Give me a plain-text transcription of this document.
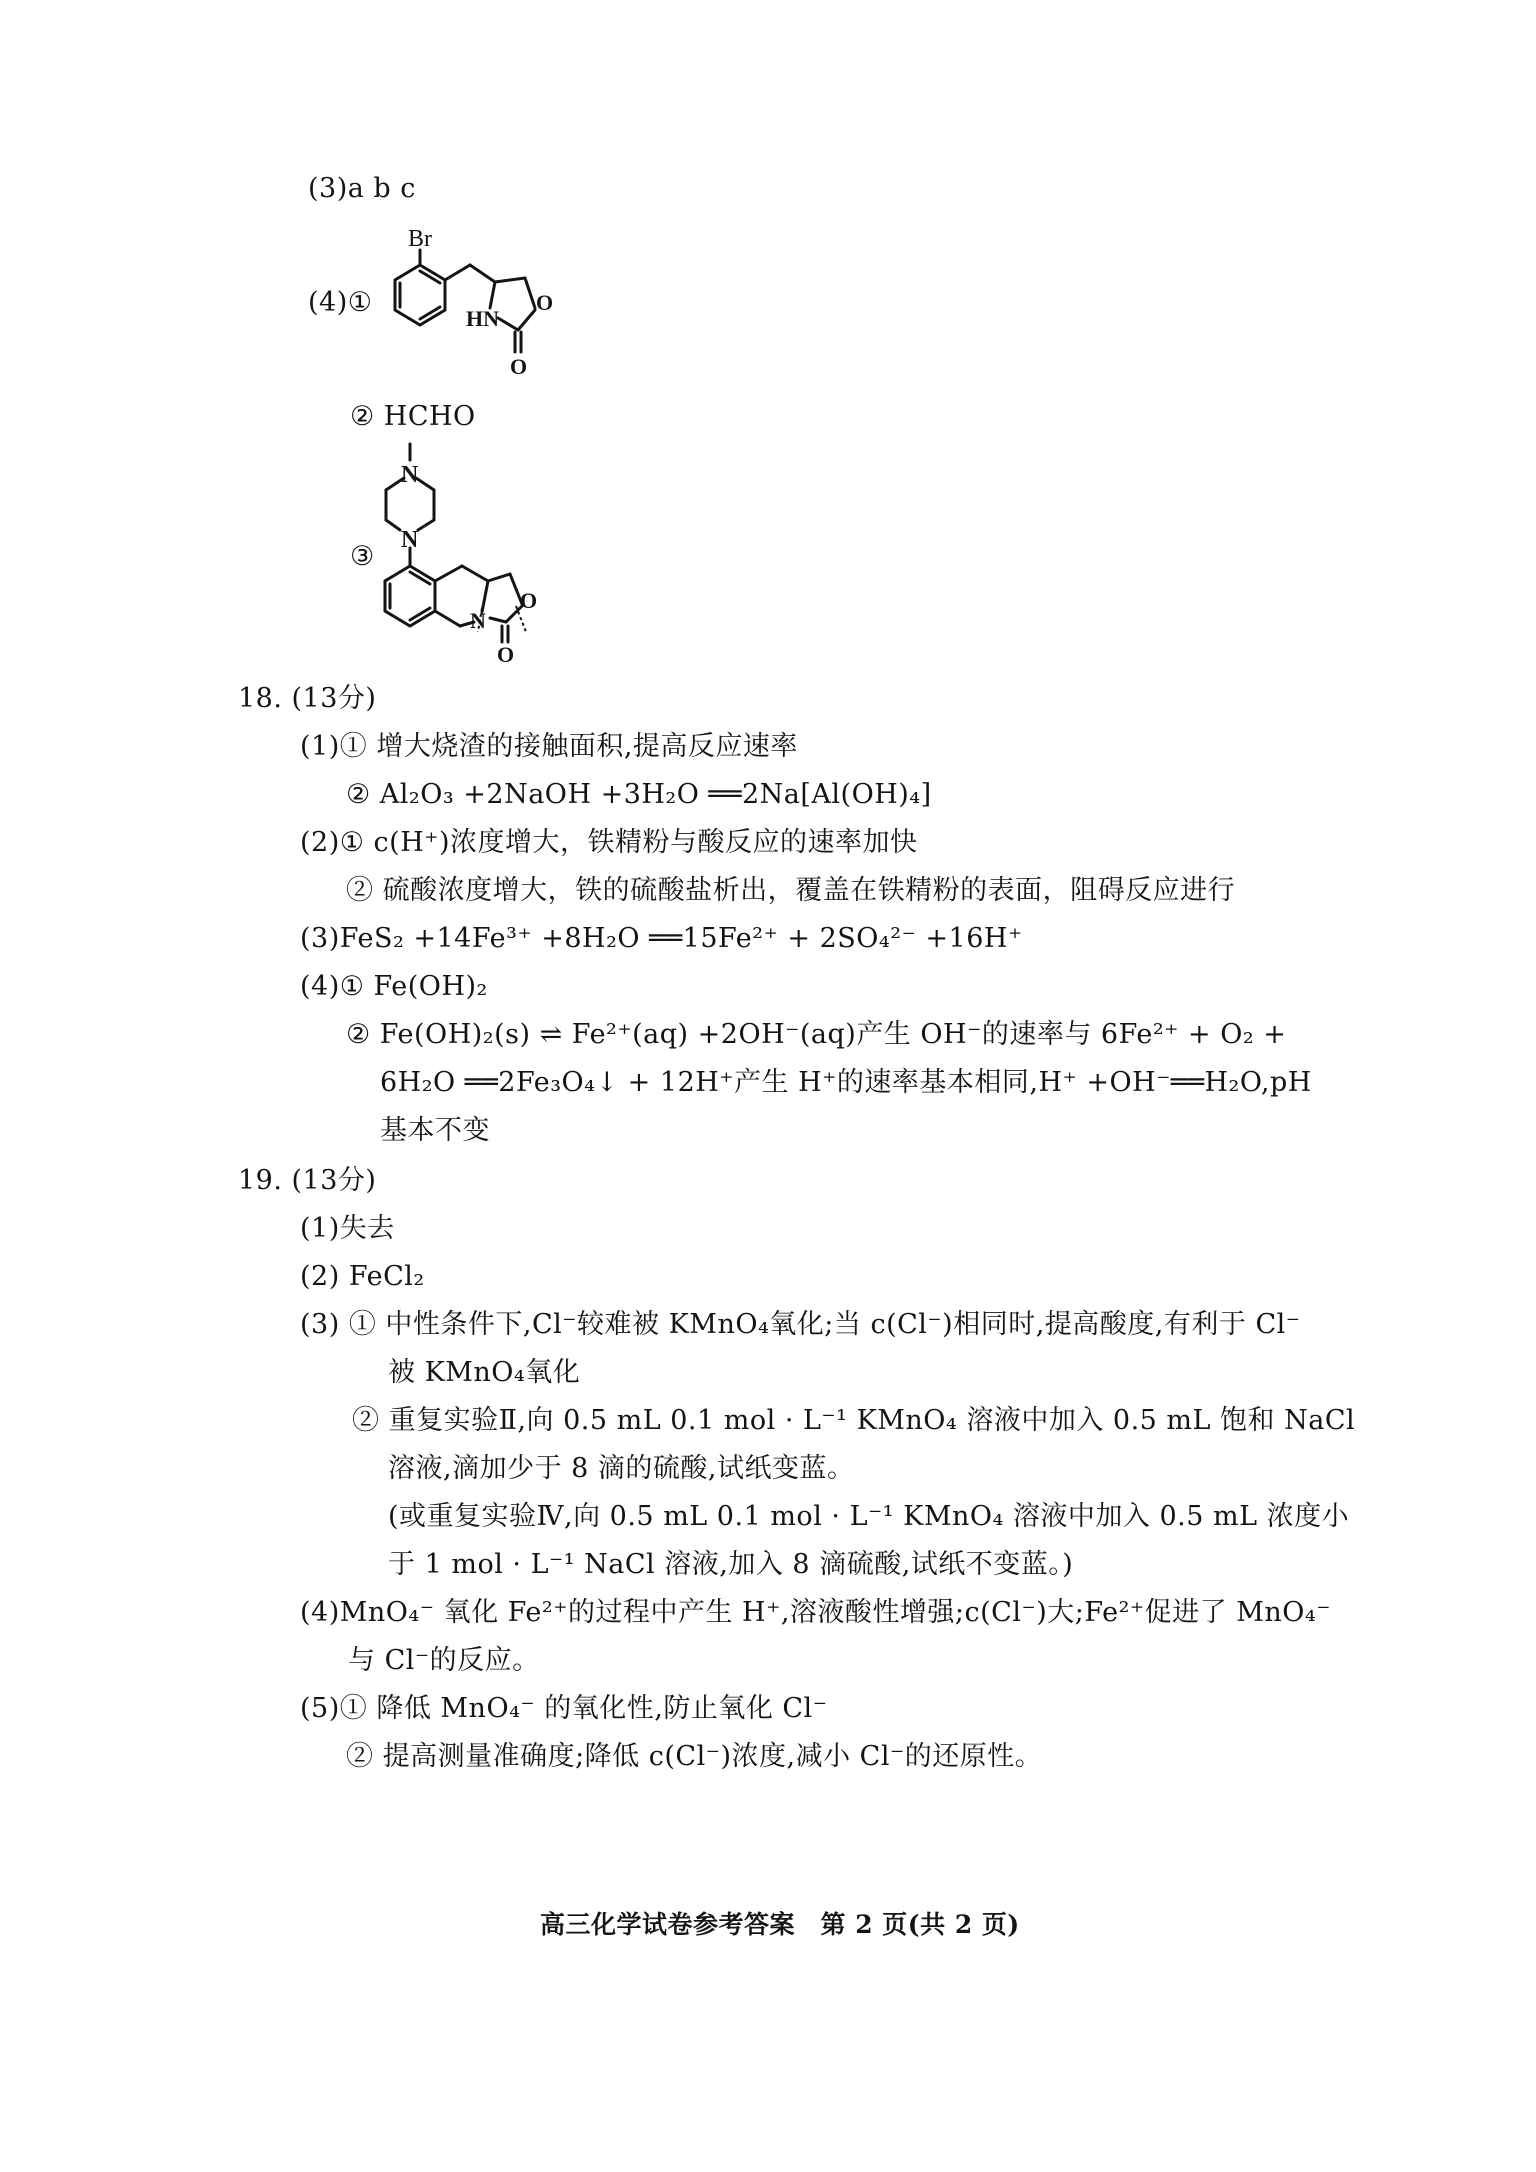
(3)a b c
(4)①
Br
HN
O
O
② HCHO
③
N
N
N
O
O
18. (13分)
(1)① 增大烧渣的接触面积,提高反应速率
② Al₂O₃ +2NaOH +3H₂O ══2Na[Al(OH)₄]
(2)① c(H⁺)浓度增大，铁精粉与酸反应的速率加快
② 硫酸浓度增大，铁的硫酸盐析出，覆盖在铁精粉的表面，阻碍反应进行
(3)FeS₂ +14Fe³⁺ +8H₂O ══15Fe²⁺ + 2SO₄²⁻ +16H⁺
(4)① Fe(OH)₂
② Fe(OH)₂(s) ⇌ Fe²⁺(aq) +2OH⁻(aq)产生 OH⁻的速率与 6Fe²⁺ + O₂ +
6H₂O ══2Fe₃O₄↓ + 12H⁺产生 H⁺的速率基本相同,H⁺ +OH⁻══H₂O,pH
基本不变
19. (13分)
(1)失去
(2) FeCl₂
(3) ① 中性条件下,Cl⁻较难被 KMnO₄氧化;当 c(Cl⁻)相同时,提高酸度,有利于 Cl⁻
被 KMnO₄氧化
② 重复实验Ⅱ,向 0.5 mL 0.1 mol · L⁻¹ KMnO₄ 溶液中加入 0.5 mL 饱和 NaCl
溶液,滴加少于 8 滴的硫酸,试纸变蓝。
(或重复实验Ⅳ,向 0.5 mL 0.1 mol · L⁻¹ KMnO₄ 溶液中加入 0.5 mL 浓度小
于 1 mol · L⁻¹ NaCl 溶液,加入 8 滴硫酸,试纸不变蓝。)
(4)MnO₄⁻ 氧化 Fe²⁺的过程中产生 H⁺,溶液酸性增强;c(Cl⁻)大;Fe²⁺促进了 MnO₄⁻
与 Cl⁻的反应。
(5)① 降低 MnO₄⁻ 的氧化性,防止氧化 Cl⁻
② 提高测量准确度;降低 c(Cl⁻)浓度,减小 Cl⁻的还原性。
高三化学试卷参考答案　第 2 页(共 2 页)
